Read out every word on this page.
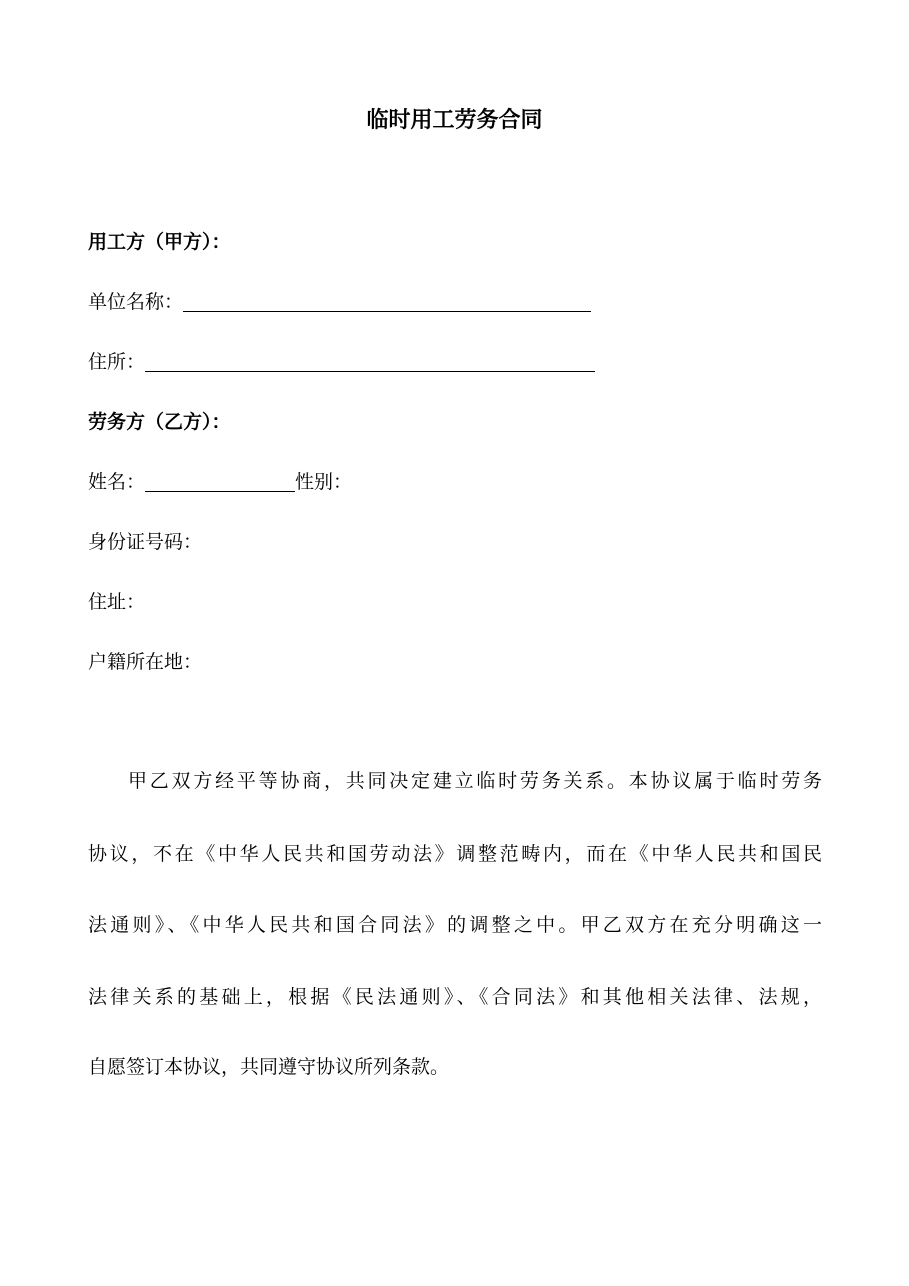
临时用工劳务合同
用工方（甲方）：
单位名称：
住所：
劳务方（乙方）：
姓名：	性别：
身份证号码：
住址：
户籍所在地：
甲乙双方经平等协商，共同决定建立临时劳务关系。本协议属于临时劳务
协议，不在《中华人民共和国劳动法》调整范畴内，而在《中华人民共和国民
法通则》、《中华人民共和国合同法》的调整之中。甲乙双方在充分明确这一
法律关系的基础上，根据《民法通则》、《合同法》和其他相关法律、法规，
自愿签订本协议，共同遵守协议所列条款。
